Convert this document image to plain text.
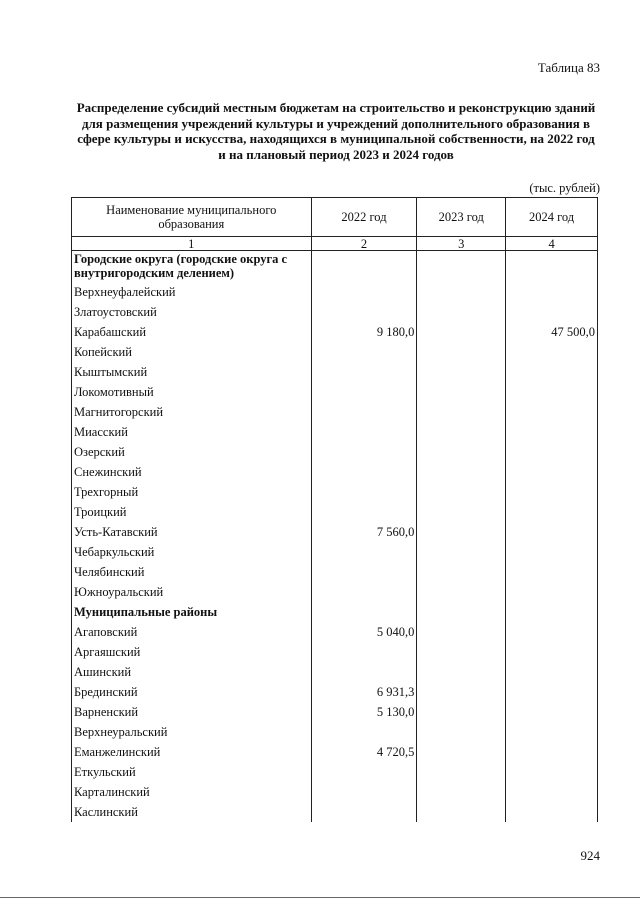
Таблица 83
Распределение субсидий местным бюджетам на строительство и реконструкцию зданий для размещения учреждений культуры и учреждений дополнительного образования в сфере культуры и искусства, находящихся в муниципальной собственности, на 2022 год и на плановый период 2023 и 2024 годов
(тыс. рублей)
Наименование муниципального образования	2022 год	2023 год	2024 год
1	2	3	4
Городские округа (городские округа с внутригородским делением)			
Верхнеуфалейский			
Златоустовский			
Карабашский	9 180,0		47 500,0
Копейский			
Кыштымский			
Локомотивный			
Магнитогорский			
Миасский			
Озерский			
Снежинский			
Трехгорный			
Троицкий			
Усть-Катавский	7 560,0		
Чебаркульский			
Челябинский			
Южноуральский			
Муниципальные районы			
Агаповский	5 040,0		
Аргаяшский			
Ашинский			
Брединский	6 931,3		
Варненский	5 130,0		
Верхнеуральский			
Еманжелинский	4 720,5		
Еткульский			
Карталинский			
Каслинский			
924
